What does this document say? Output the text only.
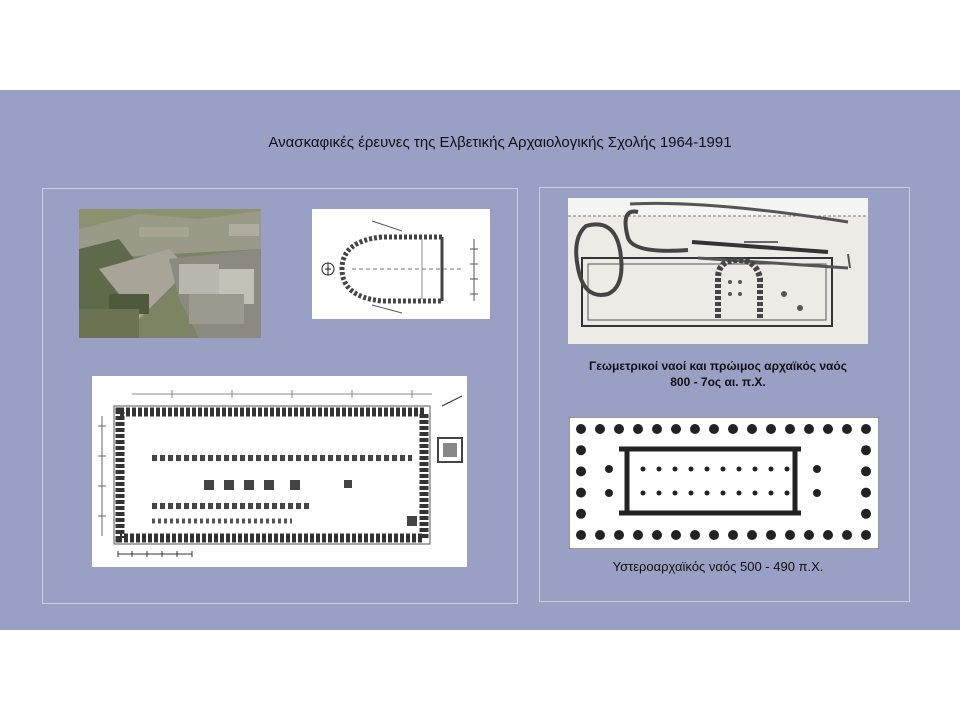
Ανασκαφικές έρευνες της Ελβετικής Αρχαιολογικής Σχολής 1964-1991
Γεωμετρικοί ναοί και πρώιμος αρχαϊκός ναός
800 - 7ος αι. π.Χ.
Υστεροαρχαϊκός ναός 500 - 490 π.Χ.
